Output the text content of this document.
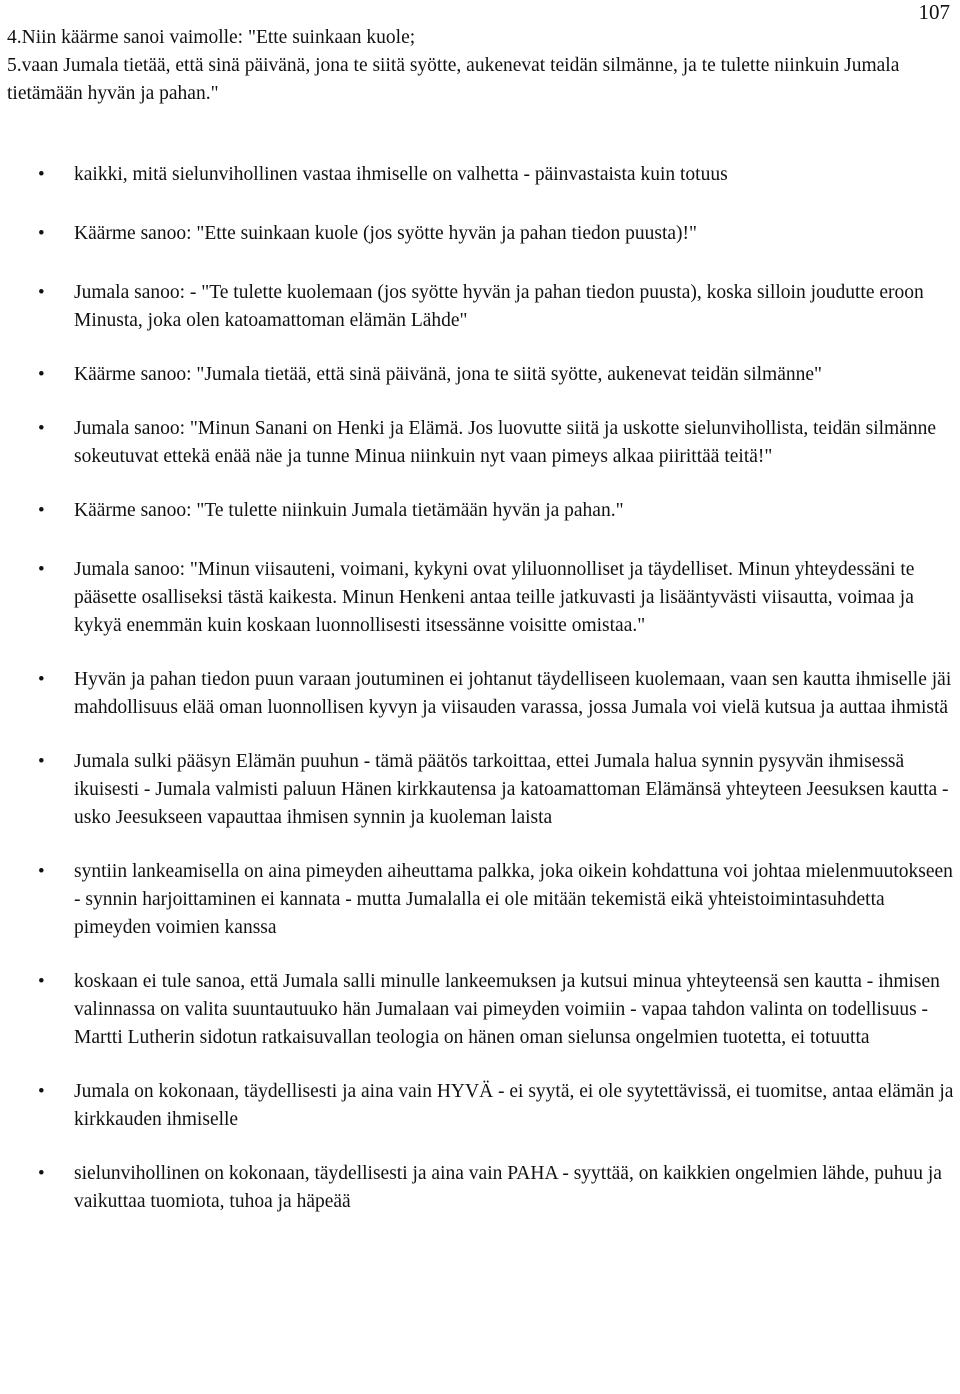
107

4.Niin käärme sanoi vaimolle: "Ette suinkaan kuole;

5.vaan Jumala tietää, että sinä päivänä, jona te siitä syötte, aukenevat teidän silmänne, ja te tulette niinkuin Jumala tietämään hyvän ja pahan."

• kaikki, mitä sielunvihollinen vastaa ihmiselle on valhetta - päinvastaista kuin totuus
• Käärme sanoo: "Ette suinkaan kuole (jos syötte hyvän ja pahan tiedon puusta)!"
• Jumala sanoo: - "Te tulette kuolemaan (jos syötte hyvän ja pahan tiedon puusta), koska silloin joudutte eroon Minusta, joka olen katoamattoman elämän Lähde"
• Käärme sanoo: "Jumala tietää, että sinä päivänä, jona te siitä syötte, aukenevat teidän silmänne"
• Jumala sanoo: "Minun Sanani on Henki ja Elämä. Jos luovutte siitä ja uskotte sielunvihollista, teidän silmänne sokeutuvat ettekä enää näe ja tunne Minua niinkuin nyt vaan pimeys alkaa piirittää teitä!"
• Käärme sanoo: "Te tulette niinkuin Jumala tietämään hyvän ja pahan."
• Jumala sanoo: "Minun viisauteni, voimani, kykyni ovat yliluonnolliset ja täydelliset. Minun yhteydessäni te pääsette osalliseksi tästä kaikesta. Minun Henkeni antaa teille jatkuvasti ja lisääntyvästi viisautta, voimaa ja kykyä enemmän kuin koskaan luonnollisesti itsessänne voisitte omistaa."
• Hyvän ja pahan tiedon puun varaan joutuminen ei johtanut täydelliseen kuolemaan, vaan sen kautta ihmiselle jäi mahdollisuus elää oman luonnollisen kyvyn ja viisauden varassa, jossa Jumala voi vielä kutsua ja auttaa ihmistä
• Jumala sulki pääsyn Elämän puuhun - tämä päätös tarkoittaa, ettei Jumala halua synnin pysyvän ihmisessä ikuisesti - Jumala valmisti paluun Hänen kirkkautensa ja katoamattoman Elämänsä yhteyteen Jeesuksen kautta - usko Jeesukseen vapauttaa ihmisen synnin ja kuoleman laista
• syntiin lankeamisella on aina pimeyden aiheuttama palkka, joka oikein kohdattuna voi johtaa mielenmuutokseen - synnin harjoittaminen ei kannata - mutta Jumalalla ei ole mitään tekemistä eikä yhteistoimintasuhdetta pimeyden voimien kanssa
• koskaan ei tule sanoa, että Jumala salli minulle lankeemuksen ja kutsui minua yhteyteensä sen kautta - ihmisen valinnassa on valita suuntautuuko hän Jumalaan vai pimeyden voimiin - vapaa tahdon valinta on todellisuus - Martti Lutherin sidotun ratkaisuvallan teologia on hänen oman sielunsa ongelmien tuotetta, ei totuutta
• Jumala on kokonaan, täydellisesti ja aina vain HYVÄ - ei syytä, ei ole syytettävissä, ei tuomitse, antaa elämän ja kirkkauden ihmiselle
• sielunvihollinen on kokonaan, täydellisesti ja aina vain PAHA - syyttää, on kaikkien ongelmien lähde, puhuu ja vaikuttaa tuomiota, tuhoa ja häpeää
